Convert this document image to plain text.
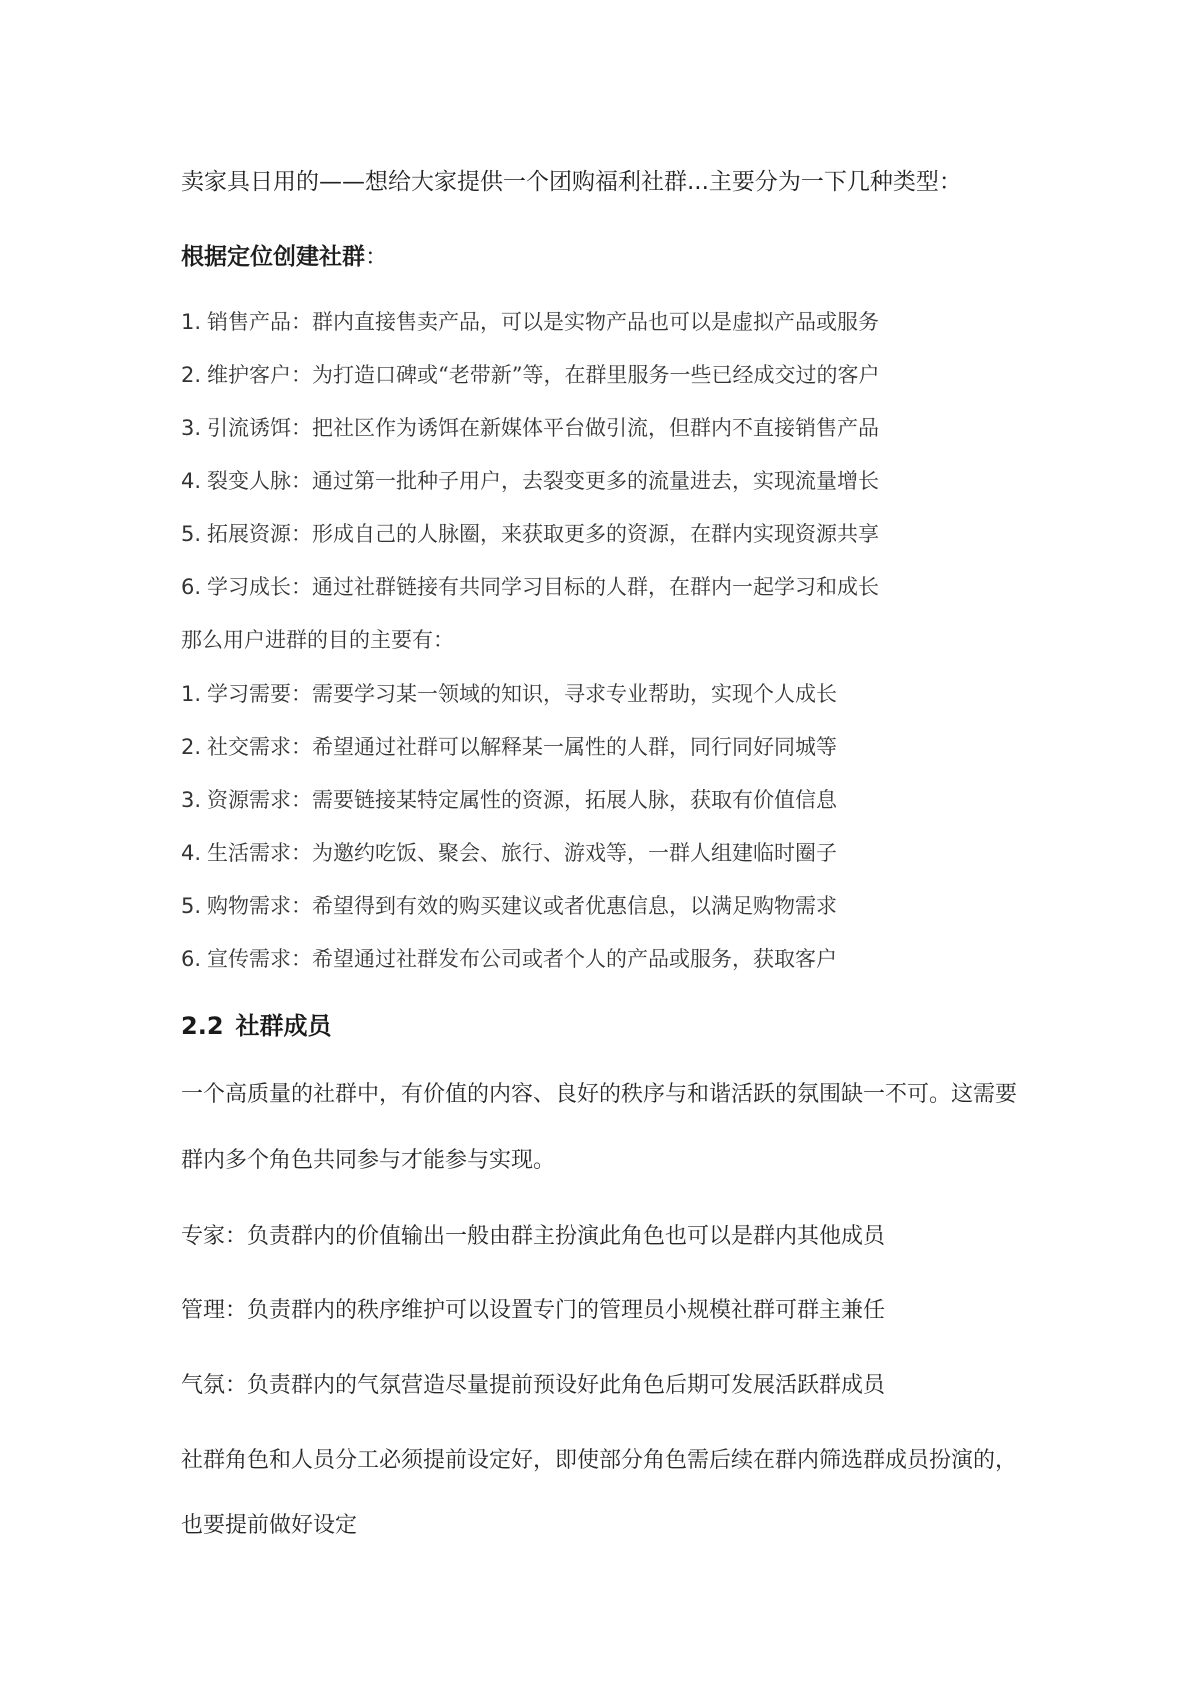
卖家具日用的——想给大家提供一个团购福利社群...主要分为一下几种类型：

根据定位创建社群：

1. 销售产品：群内直接售卖产品，可以是实物产品也可以是虚拟产品或服务

2. 维护客户：为打造口碑或“老带新”等，在群里服务一些已经成交过的客户

3. 引流诱饵：把社区作为诱饵在新媒体平台做引流，但群内不直接销售产品

4. 裂变人脉：通过第一批种子用户，去裂变更多的流量进去，实现流量增长

5. 拓展资源：形成自己的人脉圈，来获取更多的资源，在群内实现资源共享

6. 学习成长：通过社群链接有共同学习目标的人群，在群内一起学习和成长

那么用户进群的目的主要有：

1. 学习需要：需要学习某一领域的知识，寻求专业帮助，实现个人成长

2. 社交需求：希望通过社群可以解释某一属性的人群，同行同好同城等

3. 资源需求：需要链接某特定属性的资源，拓展人脉，获取有价值信息

4. 生活需求：为邀约吃饭、聚会、旅行、游戏等，一群人组建临时圈子

5. 购物需求：希望得到有效的购买建议或者优惠信息，以满足购物需求

6. 宣传需求：希望通过社群发布公司或者个人的产品或服务，获取客户

2.2 社群成员

一个高质量的社群中，有价值的内容、良好的秩序与和谐活跃的氛围缺一不可。这需要

群内多个角色共同参与才能参与实现。

专家：负责群内的价值输出一般由群主扮演此角色也可以是群内其他成员

管理：负责群内的秩序维护可以设置专门的管理员小规模社群可群主兼任

气氛：负责群内的气氛营造尽量提前预设好此角色后期可发展活跃群成员

社群角色和人员分工必须提前设定好，即使部分角色需后续在群内筛选群成员扮演的，

也要提前做好设定
